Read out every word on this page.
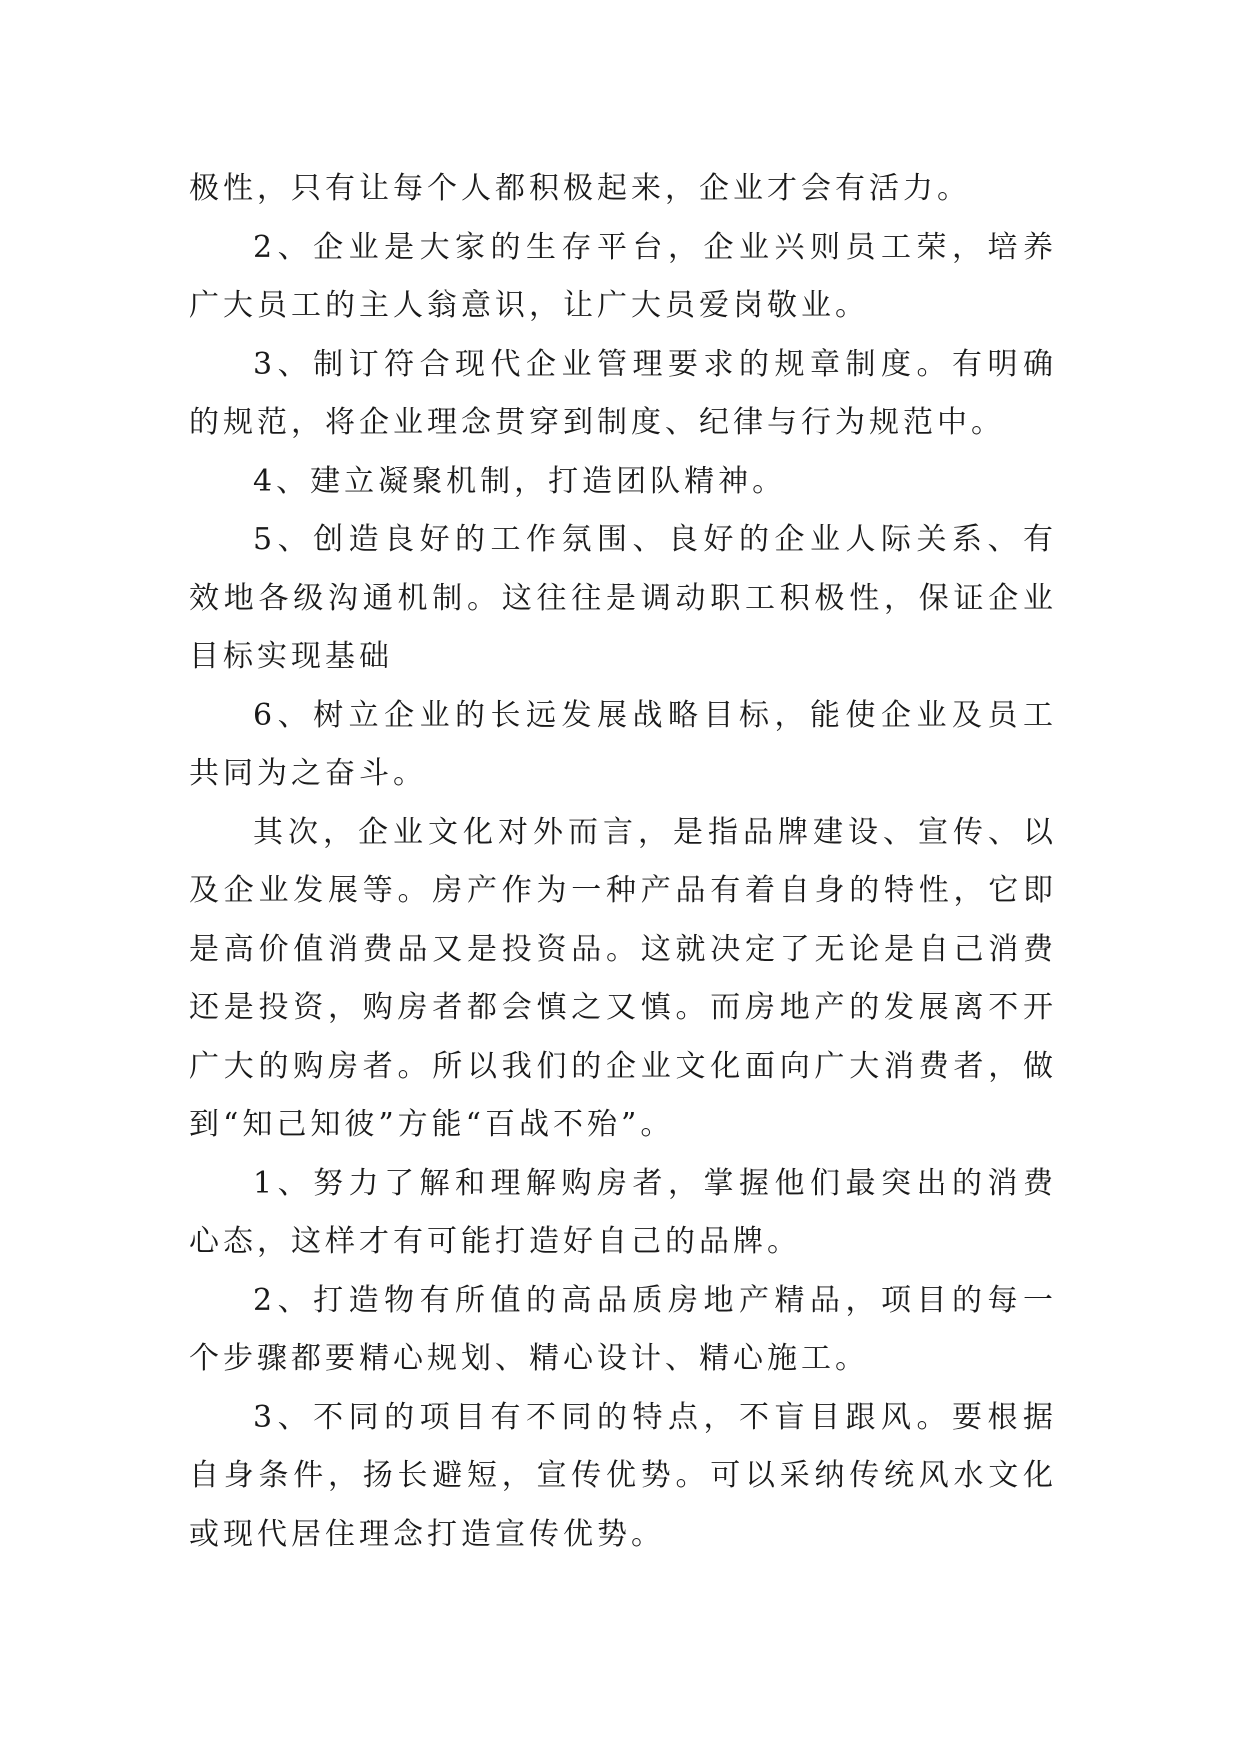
极性，只有让每个人都积极起来，企业才会有活力。

2、企业是大家的生存平台，企业兴则员工荣，培养广大员工的主人翁意识，让广大员爱岗敬业。

3、制订符合现代企业管理要求的规章制度。有明确的规范，将企业理念贯穿到制度、纪律与行为规范中。

4、建立凝聚机制，打造团队精神。

5、创造良好的工作氛围、良好的企业人际关系、有效地各级沟通机制。这往往是调动职工积极性，保证企业目标实现基础

6、树立企业的长远发展战略目标，能使企业及员工共同为之奋斗。

其次，企业文化对外而言，是指品牌建设、宣传、以及企业发展等。房产作为一种产品有着自身的特性，它即是高价值消费品又是投资品。这就决定了无论是自己消费还是投资，购房者都会慎之又慎。而房地产的发展离不开广大的购房者。所以我们的企业文化面向广大消费者，做到“知己知彼”方能“百战不殆”。

1、努力了解和理解购房者，掌握他们最突出的消费心态，这样才有可能打造好自己的品牌。

2、打造物有所值的高品质房地产精品，项目的每一个步骤都要精心规划、精心设计、精心施工。

3、不同的项目有不同的特点，不盲目跟风。要根据自身条件，扬长避短，宣传优势。可以采纳传统风水文化或现代居住理念打造宣传优势。
